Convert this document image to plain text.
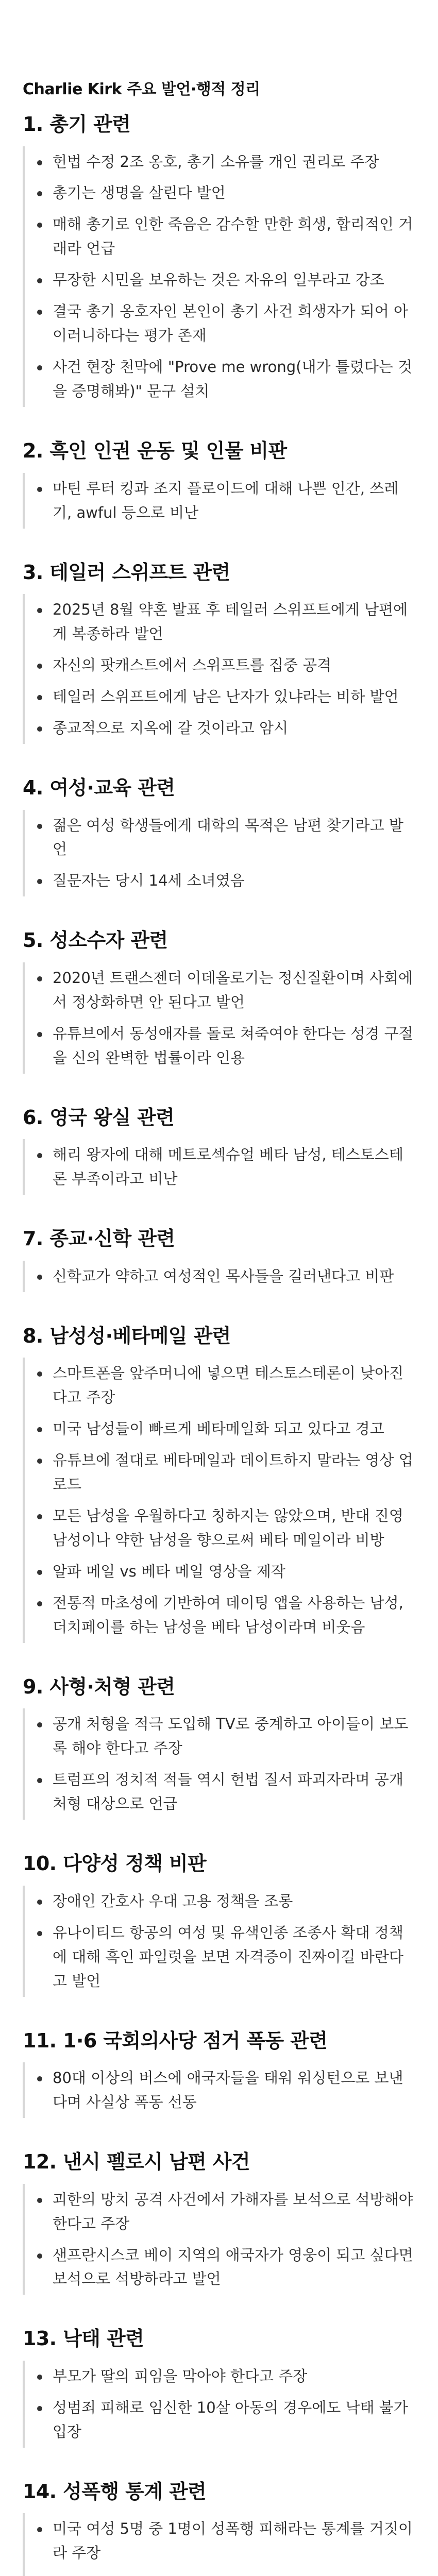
Charlie Kirk 주요 발언·행적 정리
1. 총기 관련
헌법 수정 2조 옹호, 총기 소유를 개인 권리로 주장
총기는 생명을 살린다 발언
매해 총기로 인한 죽음은 감수할 만한 희생, 합리적인 거래라 언급
무장한 시민을 보유하는 것은 자유의 일부라고 강조
결국 총기 옹호자인 본인이 총기 사건 희생자가 되어 아이러니하다는 평가 존재
사건 현장 천막에 "Prove me wrong(내가 틀렸다는 것을 증명해봐)" 문구 설치
2. 흑인 인권 운동 및 인물 비판
마틴 루터 킹과 조지 플로이드에 대해 나쁜 인간, 쓰레기, awful 등으로 비난
3. 테일러 스위프트 관련
2025년 8월 약혼 발표 후 테일러 스위프트에게 남편에게 복종하라 발언
자신의 팟캐스트에서 스위프트를 집중 공격
테일러 스위프트에게 남은 난자가 있냐라는 비하 발언
종교적으로 지옥에 갈 것이라고 암시
4. 여성·교육 관련
젊은 여성 학생들에게 대학의 목적은 남편 찾기라고 발언
질문자는 당시 14세 소녀였음
5. 성소수자 관련
2020년 트랜스젠더 이데올로기는 정신질환이며 사회에서 정상화하면 안 된다고 발언
유튜브에서 동성애자를 돌로 쳐죽여야 한다는 성경 구절을 신의 완벽한 법률이라 인용
6. 영국 왕실 관련
해리 왕자에 대해 메트로섹슈얼 베타 남성, 테스토스테론 부족이라고 비난
7. 종교·신학 관련
신학교가 약하고 여성적인 목사들을 길러낸다고 비판
8. 남성성·베타메일 관련
스마트폰을 앞주머니에 넣으면 테스토스테론이 낮아진다고 주장
미국 남성들이 빠르게 베타메일화 되고 있다고 경고
유튜브에 절대로 베타메일과 데이트하지 말라는 영상 업로드
모든 남성을 우월하다고 칭하지는 않았으며, 반대 진영 남성이나 약한 남성을 향으로써 베타 메일이라 비방
알파 메일 vs 베타 메일 영상을 제작
전통적 마초성에 기반하여 데이팅 앱을 사용하는 남성, 더치페이를 하는 남성을 베타 남성이라며 비웃음
9. 사형·처형 관련
공개 처형을 적극 도입해 TV로 중계하고 아이들이 보도록 해야 한다고 주장
트럼프의 정치적 적들 역시 헌법 질서 파괴자라며 공개 처형 대상으로 언급
10. 다양성 정책 비판
장애인 간호사 우대 고용 정책을 조롱
유나이티드 항공의 여성 및 유색인종 조종사 확대 정책에 대해 흑인 파일럿을 보면 자격증이 진짜이길 바란다고 발언
11. 1·6 국회의사당 점거 폭동 관련
80대 이상의 버스에 애국자들을 태워 워싱턴으로 보낸다며 사실상 폭동 선동
12. 낸시 펠로시 남편 사건
괴한의 망치 공격 사건에서 가해자를 보석으로 석방해야 한다고 주장
샌프란시스코 베이 지역의 애국자가 영웅이 되고 싶다면 보석으로 석방하라고 발언
13. 낙태 관련
부모가 딸의 피임을 막아야 한다고 주장
성범죄 피해로 임신한 10살 아동의 경우에도 낙태 불가 입장
14. 성폭행 통계 관련
미국 여성 5명 중 1명이 성폭행 피해라는 통계를 거짓이라 주장
